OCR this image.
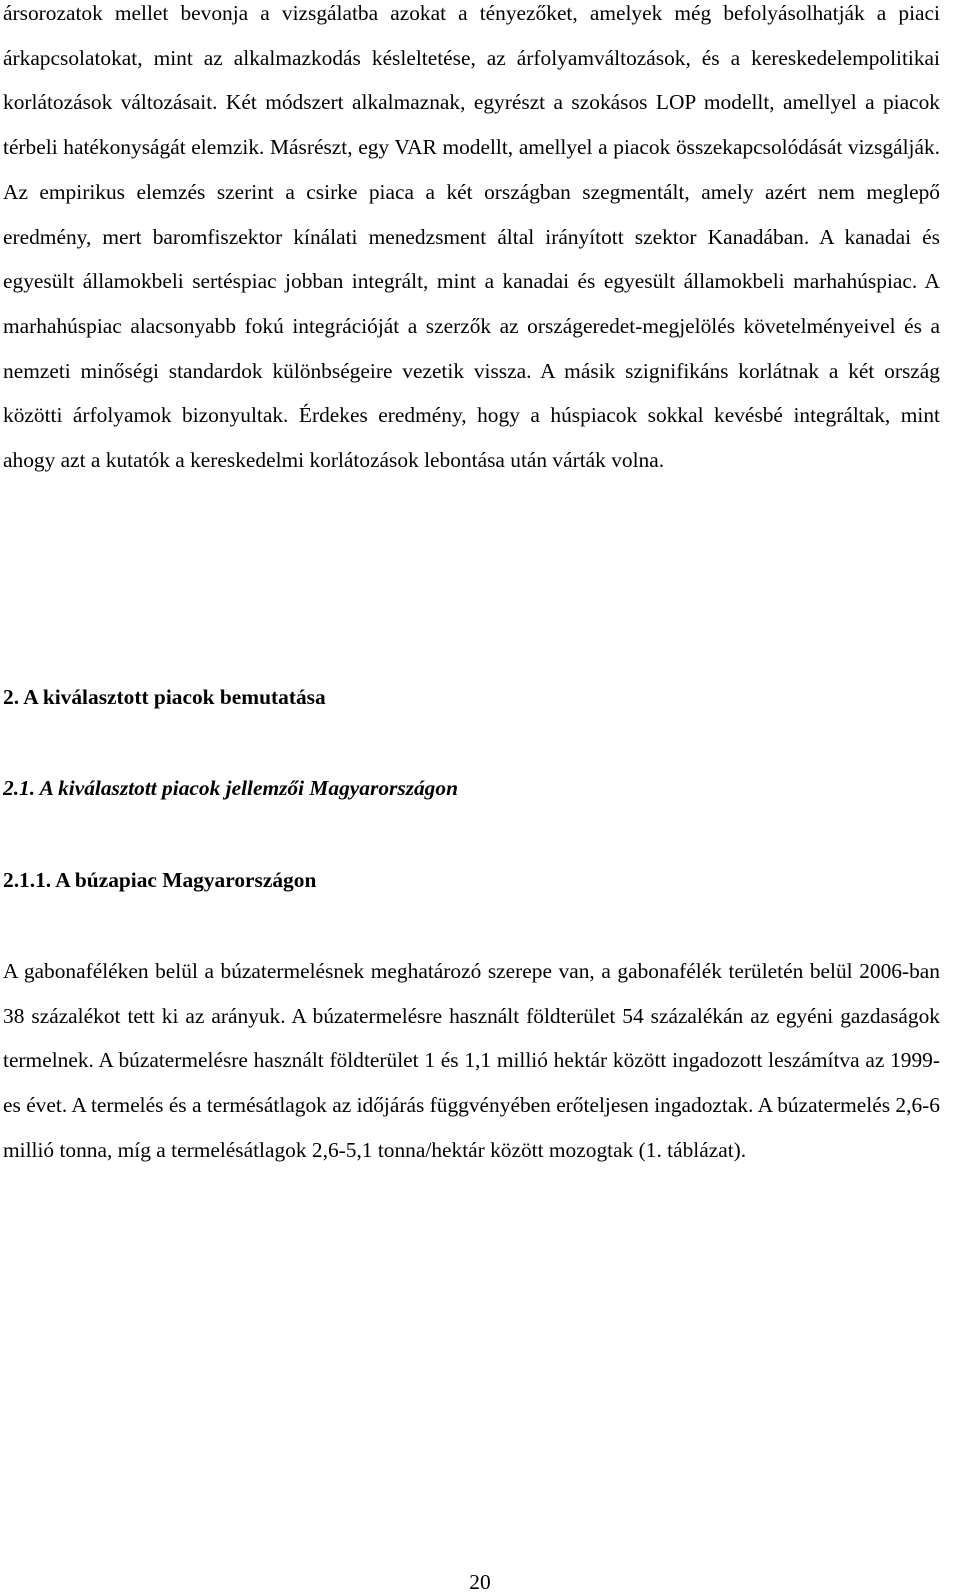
ársorozatok mellet bevonja a vizsgálatba azokat a tényezőket, amelyek még befolyásolhatják a piaci árkapcsolatokat, mint az alkalmazkodás késleltetése, az árfolyamváltozások, és a kereskedelempolitikai korlátozások változásait. Két módszert alkalmaznak, egyrészt a szokásos LOP modellt, amellyel a piacok térbeli hatékonyságát elemzik. Másrészt, egy VAR modellt, amellyel a piacok összekapcsolódását vizsgálják. Az empirikus elemzés szerint a csirke piaca a két országban szegmentált, amely azért nem meglepő eredmény, mert baromfiszektor kínálati menedzsment által irányított szektor Kanadában. A kanadai és egyesült államokbeli sertéspiac jobban integrált, mint a kanadai és egyesült államokbeli marhahúspiac. A marhahúspiac alacsonyabb fokú integrációját a szerzők az országeredet-megjelölés követelményeivel és a nemzeti minőségi standardok különbségeire vezetik vissza. A másik szignifikáns korlátnak a két ország közötti árfolyamok bizonyultak. Érdekes eredmény, hogy a húspiacok sokkal kevésbé integráltak, mint ahogy azt a kutatók a kereskedelmi korlátozások lebontása után várták volna.

2. A kiválasztott piacok bemutatása
2.1. A kiválasztott piacok jellemzői Magyarországon
2.1.1. A búzapiac Magyarországon

A gabonaféléken belül a búzatermelésnek meghatározó szerepe van, a gabonafélék területén belül 2006-ban 38 százalékot tett ki az arányuk. A búzatermelésre használt földterület 54 százalékán az egyéni gazdaságok termelnek. A búzatermelésre használt földterület 1 és 1,1 millió hektár között ingadozott leszámítva az 1999-es évet. A termelés és a termésátlagok az időjárás függvényében erőteljesen ingadoztak. A búzatermelés 2,6-6 millió tonna, míg a termelésátlagok 2,6-5,1 tonna/hektár között mozogtak (1. táblázat).

20
